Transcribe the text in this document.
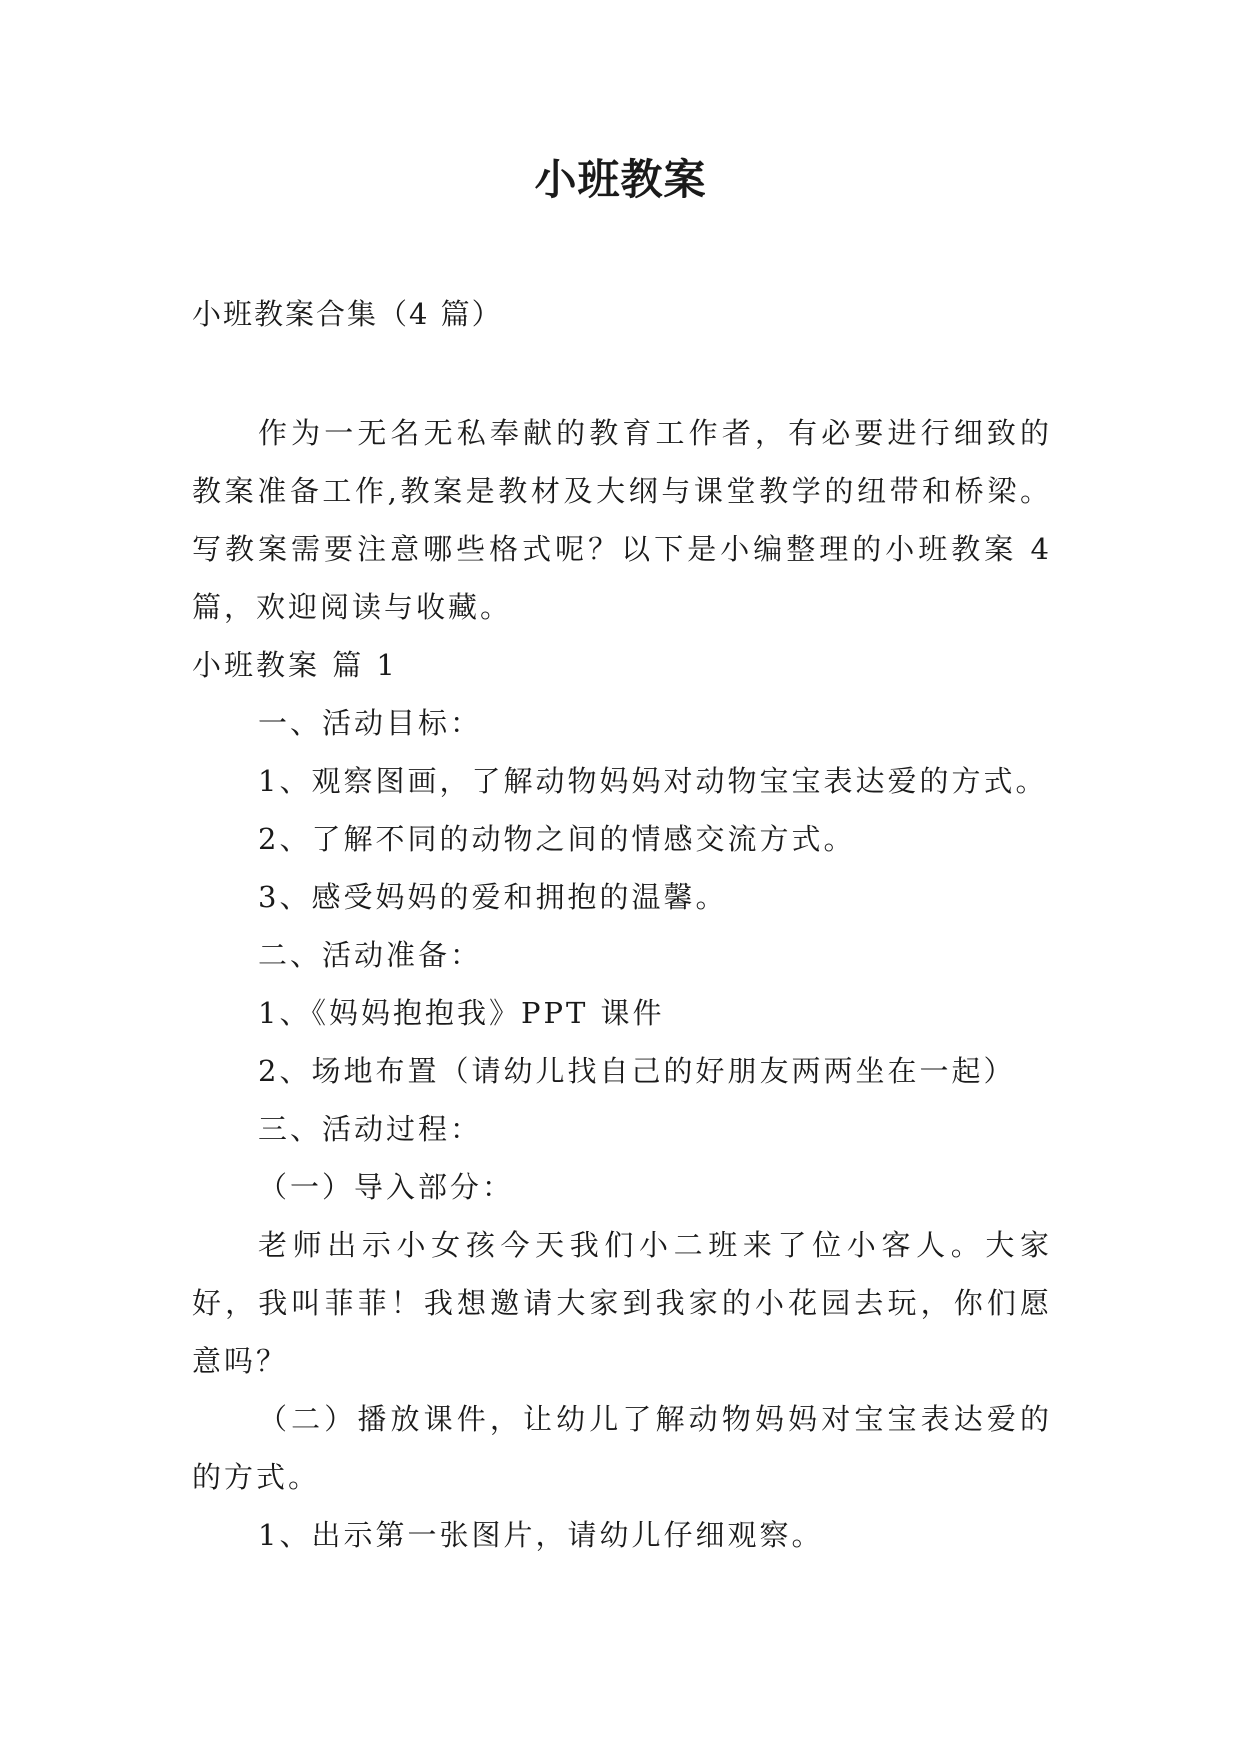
小班教案

小班教案合集（4 篇）

作为一无名无私奉献的教育工作者，有必要进行细致的教案准备工作,教案是教材及大纲与课堂教学的纽带和桥梁。写教案需要注意哪些格式呢？以下是小编整理的小班教案 4 篇，欢迎阅读与收藏。

小班教案 篇 1

一、活动目标：

1、观察图画，了解动物妈妈对动物宝宝表达爱的方式。

2、了解不同的动物之间的情感交流方式。

3、感受妈妈的爱和拥抱的温馨。

二、活动准备：

1、《妈妈抱抱我》PPT 课件

2、场地布置（请幼儿找自己的好朋友两两坐在一起）

三、活动过程：

（一）导入部分：

老师出示小女孩今天我们小二班来了位小客人。大家好，我叫菲菲！我想邀请大家到我家的小花园去玩，你们愿意吗？

（二）播放课件，让幼儿了解动物妈妈对宝宝表达爱的的方式。

1、出示第一张图片，请幼儿仔细观察。
